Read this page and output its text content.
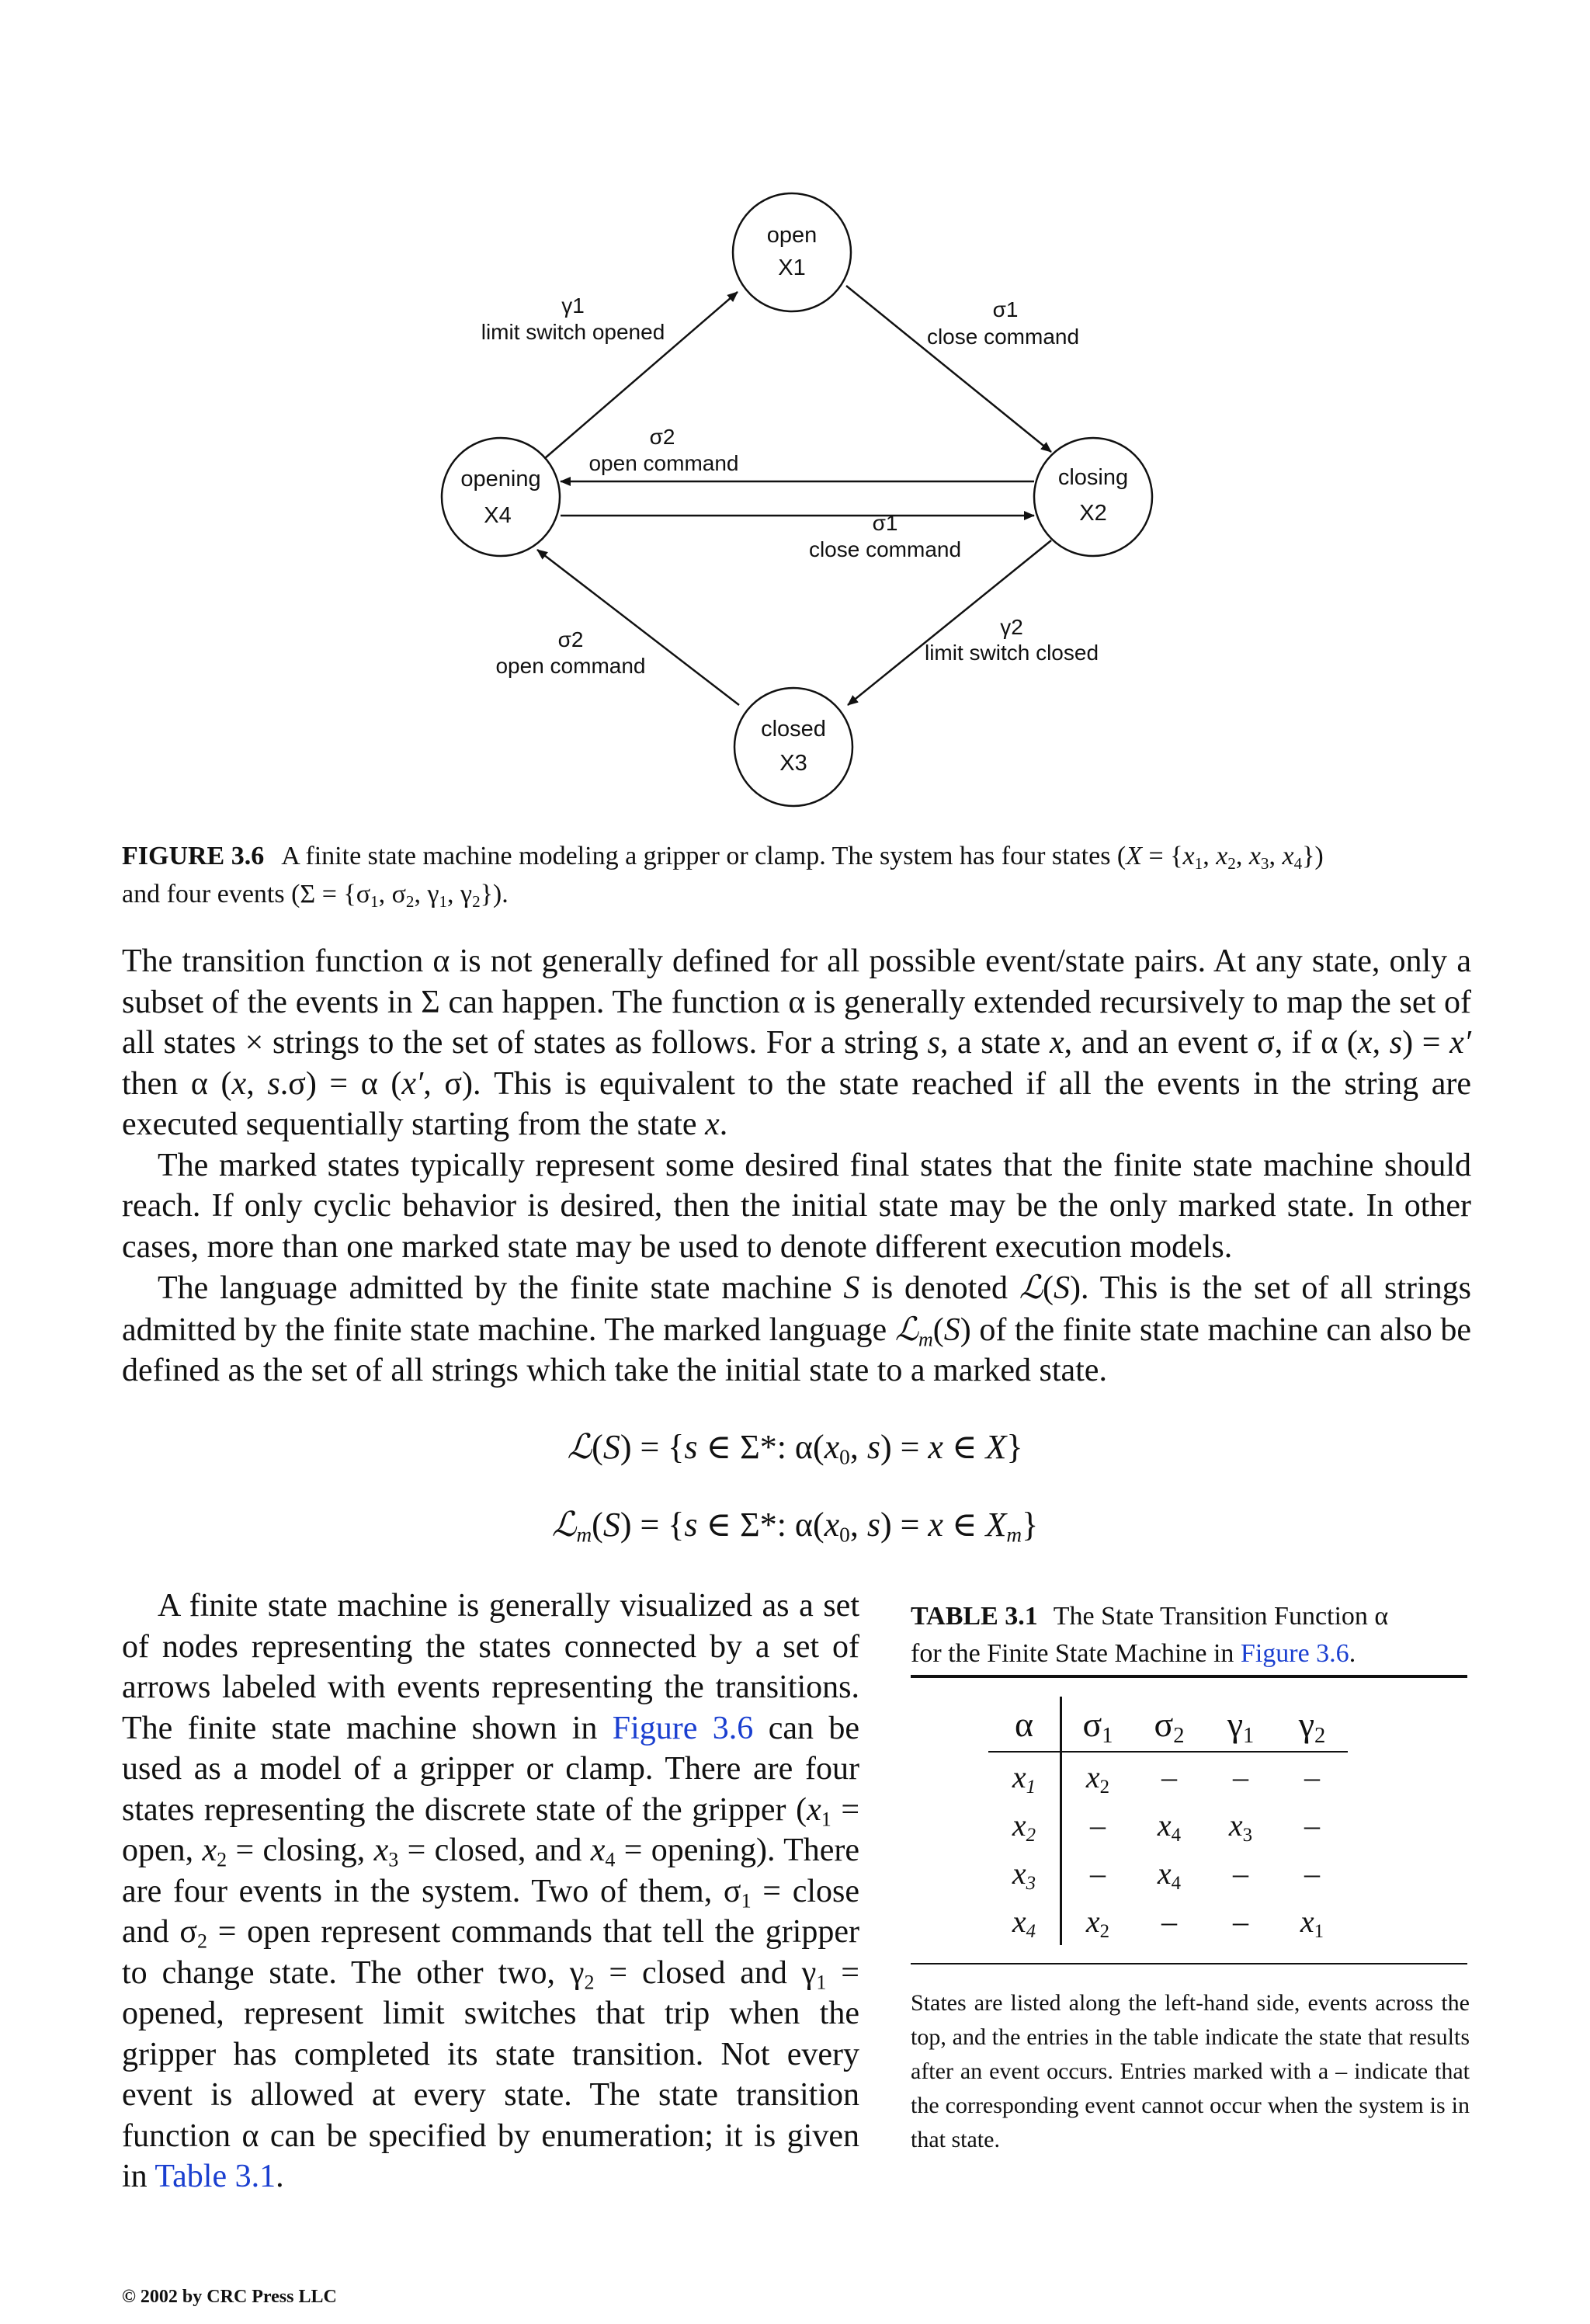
open
X1
closing
X2
closed
X3
opening
X4
γ1
limit switch opened
σ1
close command
σ2
open command
σ1
close command
γ2
limit switch closed
σ2
open command
FIGURE 3.6 A finite state machine modeling a gripper or clamp. The system has four states ($X = \{x_1$, $x_2$, $x_3$, $x_4$})
and four events ($\Sigma = \{\sigma_1$, $\sigma_2$, $\gamma_1$, $\gamma_2$}).

The transition function α is not generally defined for all possible event/state pairs. At any state, only a subset of the events in Σ can happen. The function α is generally extended recursively to map the set of all states × strings to the set of states as follows. For a string s, a state x, and an event σ, if α (x, s) = x′ then α (x, s.σ) = α (x′, σ). This is equivalent to the state reached if all the events in the string are executed sequentially starting from the state x.

The marked states typically represent some desired final states that the finite state machine should reach. If only cyclic behavior is desired, then the initial state may be the only marked state. In other cases, more than one marked state may be used to denote different execution models.

The language admitted by the finite state machine S is denoted ℒ(S). This is the set of all strings admitted by the finite state machine. The marked language ℒ$_m$(S) of the finite state machine can also be defined as the set of all strings which take the initial state to a marked state.

ℒ(S) = {s ∈ Σ*: $\alpha(x_0$, s) = x ∈ X}
ℒ$_m$(S) = {s ∈ Σ*: $\alpha(x_0$, s) = x ∈ $X_m$}

A finite state machine is generally visualized as a set of nodes representing the states connected by a set of arrows labeled with events representing the transitions. The finite state machine shown in Figure 3.6 can be used as a model of a gripper or clamp. There are four states representing the discrete state of the gripper ($x_1$ = open, $x_2 = closing$, $x_3$ = closed, and $x_4$ = opening). There are four events in the system. Two of them, $\sigma_1$ = close and $\sigma_2$ = open represent commands that tell the gripper to change state. The other two, $\gamma_2$ = closed and $\gamma_1$ = opened, represent limit switches that trip when the gripper has completed its state transition. Not every event is allowed at every state. The state transition function α can be specified by enumeration; it is given in Table 3.1.

TABLE 3.1 The State Transition Function α
for the Finite State Machine in Figure 3.6.
α	$\sigma_1$	$\sigma_2$	$\gamma_1$	$\gamma_2$
$x_1$	$x_2$	–	–	–
$x_2$	–	$x_4$	$x_3$	–
$x_3$	–	$x_4$	–	–
$x_4$	$x_2$	–	–	$x_1$
States are listed along the left-hand side, events across the top, and the entries in the table indicate the state that results after an event occurs. Entries marked with a – indicate that the corresponding event cannot occur when the system is in that state.
© 2002 by CRC Press LLC
